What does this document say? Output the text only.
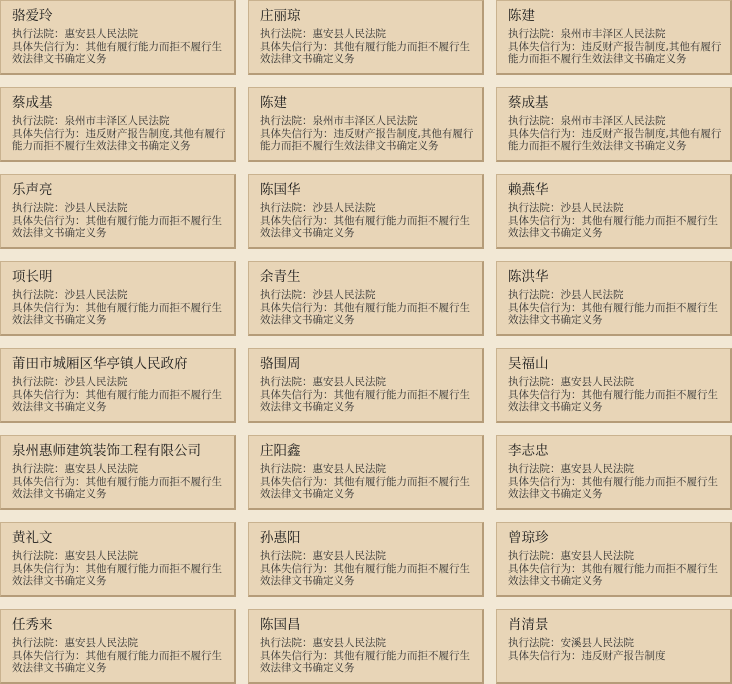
骆爱玲
执行法院：惠安县人民法院
具体失信行为：其他有履行能力而拒不履行生效法律文书确定义务
庄丽琼
执行法院：惠安县人民法院
具体失信行为：其他有履行能力而拒不履行生效法律文书确定义务
陈建
执行法院：泉州市丰泽区人民法院
具体失信行为：违反财产报告制度,其他有履行能力而拒不履行生效法律文书确定义务
蔡成基
执行法院：泉州市丰泽区人民法院
具体失信行为：违反财产报告制度,其他有履行能力而拒不履行生效法律文书确定义务
陈建
执行法院：泉州市丰泽区人民法院
具体失信行为：违反财产报告制度,其他有履行能力而拒不履行生效法律文书确定义务
蔡成基
执行法院：泉州市丰泽区人民法院
具体失信行为：违反财产报告制度,其他有履行能力而拒不履行生效法律文书确定义务
乐声亮
执行法院：沙县人民法院
具体失信行为：其他有履行能力而拒不履行生效法律文书确定义务
陈国华
执行法院：沙县人民法院
具体失信行为：其他有履行能力而拒不履行生效法律文书确定义务
赖燕华
执行法院：沙县人民法院
具体失信行为：其他有履行能力而拒不履行生效法律文书确定义务
项长明
执行法院：沙县人民法院
具体失信行为：其他有履行能力而拒不履行生效法律文书确定义务
余青生
执行法院：沙县人民法院
具体失信行为：其他有履行能力而拒不履行生效法律文书确定义务
陈洪华
执行法院：沙县人民法院
具体失信行为：其他有履行能力而拒不履行生效法律文书确定义务
莆田市城厢区华亭镇人民政府
执行法院：沙县人民法院
具体失信行为：其他有履行能力而拒不履行生效法律文书确定义务
骆围周
执行法院：惠安县人民法院
具体失信行为：其他有履行能力而拒不履行生效法律文书确定义务
吴福山
执行法院：惠安县人民法院
具体失信行为：其他有履行能力而拒不履行生效法律文书确定义务
泉州惠师建筑装饰工程有限公司
执行法院：惠安县人民法院
具体失信行为：其他有履行能力而拒不履行生效法律文书确定义务
庄阳鑫
执行法院：惠安县人民法院
具体失信行为：其他有履行能力而拒不履行生效法律文书确定义务
李志忠
执行法院：惠安县人民法院
具体失信行为：其他有履行能力而拒不履行生效法律文书确定义务
黄礼文
执行法院：惠安县人民法院
具体失信行为：其他有履行能力而拒不履行生效法律文书确定义务
孙惠阳
执行法院：惠安县人民法院
具体失信行为：其他有履行能力而拒不履行生效法律文书确定义务
曾琼珍
执行法院：惠安县人民法院
具体失信行为：其他有履行能力而拒不履行生效法律文书确定义务
任秀来
执行法院：惠安县人民法院
具体失信行为：其他有履行能力而拒不履行生效法律文书确定义务
陈国昌
执行法院：惠安县人民法院
具体失信行为：其他有履行能力而拒不履行生效法律文书确定义务
肖清景
执行法院：安溪县人民法院
具体失信行为：违反财产报告制度
